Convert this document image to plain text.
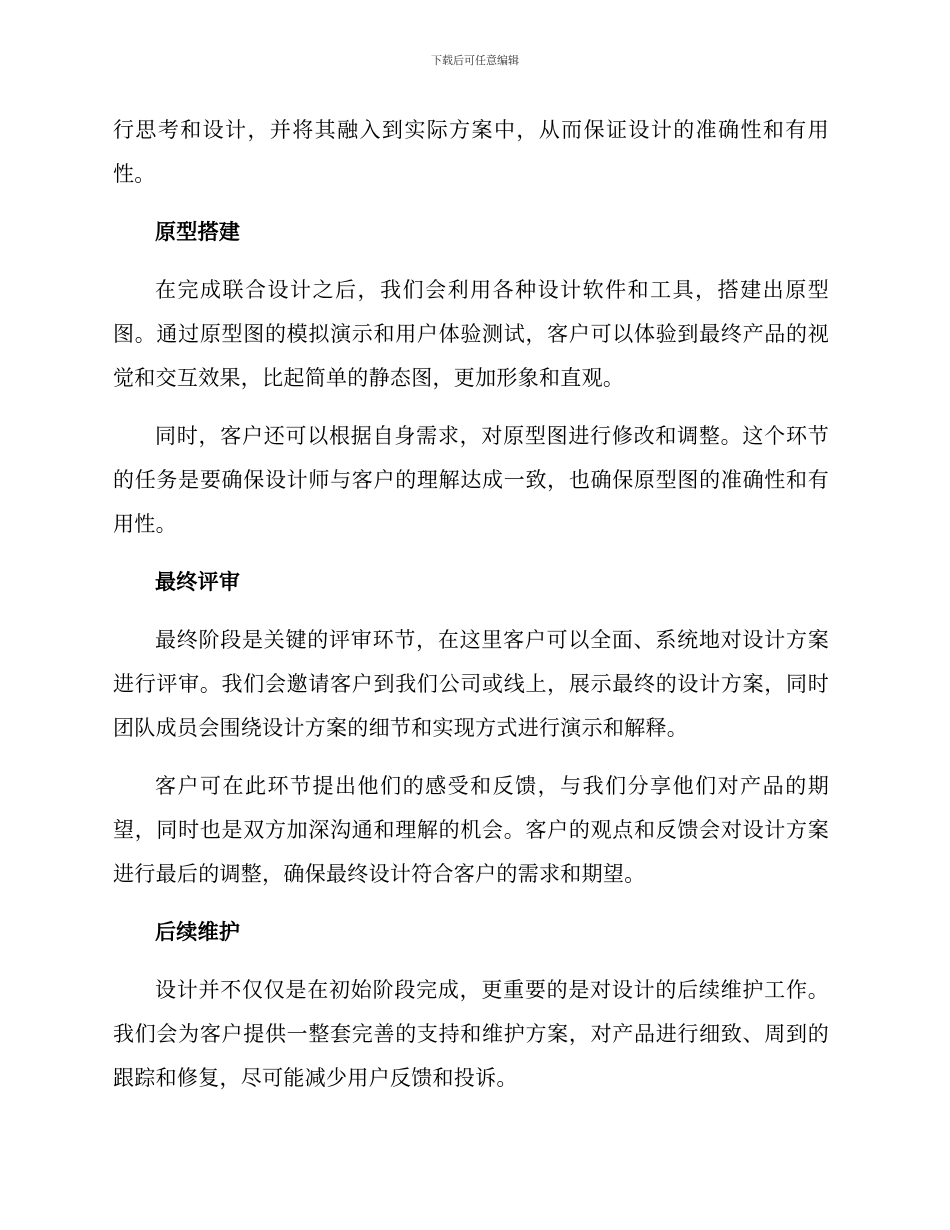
下载后可任意编辑

行思考和设计，并将其融入到实际方案中，从而保证设计的准确性和有用性。

原型搭建

在完成联合设计之后，我们会利用各种设计软件和工具，搭建出原型图。通过原型图的模拟演示和用户体验测试，客户可以体验到最终产品的视觉和交互效果，比起简单的静态图，更加形象和直观。

同时，客户还可以根据自身需求，对原型图进行修改和调整。这个环节的任务是要确保设计师与客户的理解达成一致，也确保原型图的准确性和有用性。

最终评审

最终阶段是关键的评审环节，在这里客户可以全面、系统地对设计方案进行评审。我们会邀请客户到我们公司或线上，展示最终的设计方案，同时团队成员会围绕设计方案的细节和实现方式进行演示和解释。

客户可在此环节提出他们的感受和反馈，与我们分享他们对产品的期望，同时也是双方加深沟通和理解的机会。客户的观点和反馈会对设计方案进行最后的调整，确保最终设计符合客户的需求和期望。

后续维护

设计并不仅仅是在初始阶段完成，更重要的是对设计的后续维护工作。我们会为客户提供一整套完善的支持和维护方案，对产品进行细致、周到的跟踪和修复，尽可能减少用户反馈和投诉。
